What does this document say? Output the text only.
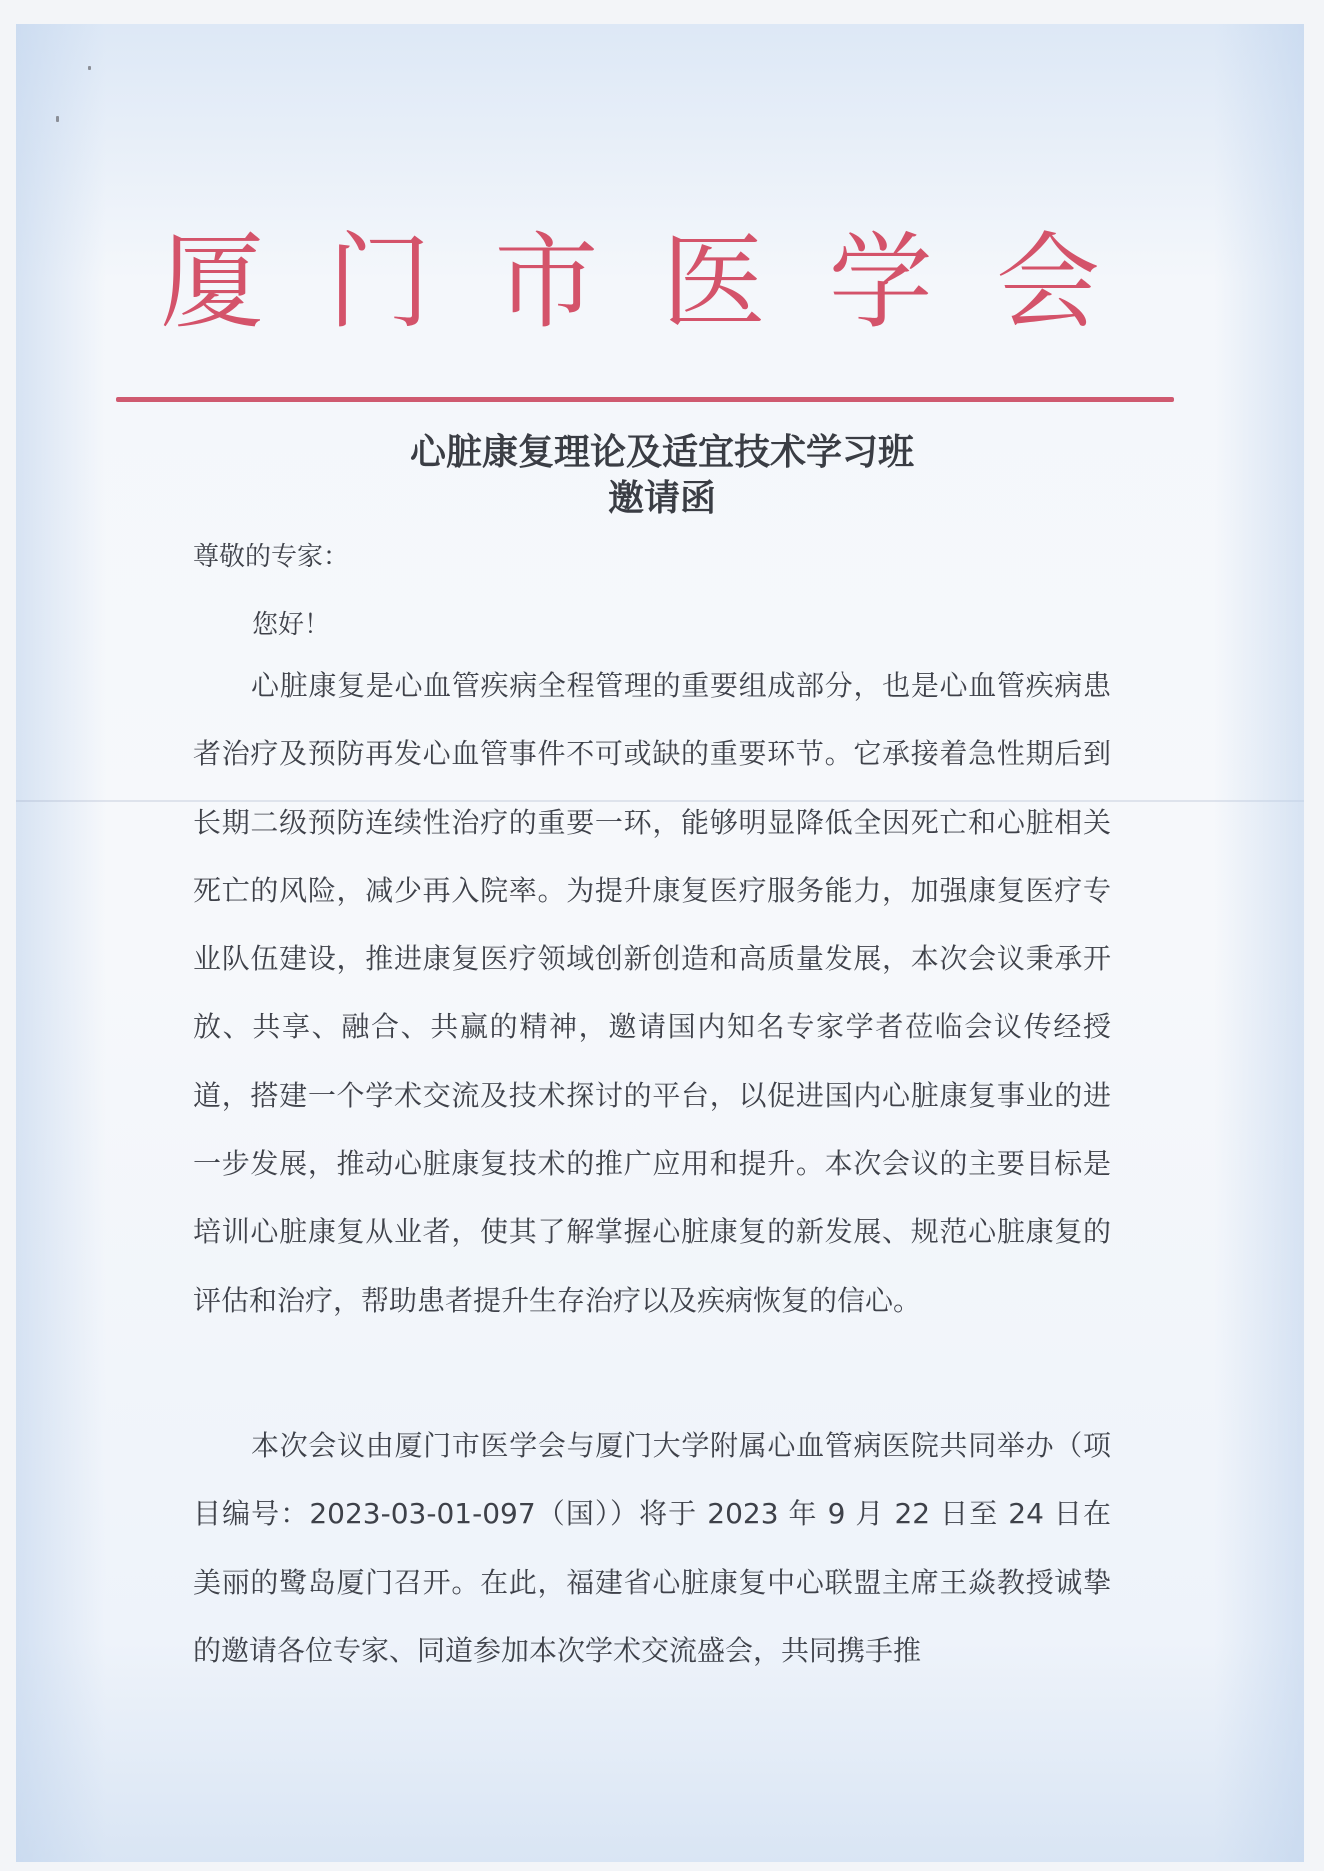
厦 门 市 医 学 会
心脏康复理论及适宜技术学习班
邀请函
尊敬的专家：
您好！

心脏康复是心血管疾病全程管理的重要组成部分，也是心血管疾病患者治疗及预防再发心血管事件不可或缺的重要环节。它承接着急性期后到长期二级预防连续性治疗的重要一环，能够明显降低全因死亡和心脏相关死亡的风险，减少再入院率。为提升康复医疗服务能力，加强康复医疗专业队伍建设，推进康复医疗领域创新创造和高质量发展，本次会议秉承开放、共享、融合、共赢的精神，邀请国内知名专家学者莅临会议传经授道，搭建一个学术交流及技术探讨的平台，以促进国内心脏康复事业的进一步发展，推动心脏康复技术的推广应用和提升。本次会议的主要目标是培训心脏康复从业者，使其了解掌握心脏康复的新发展、规范心脏康复的评估和治疗，帮助患者提升生存治疗以及疾病恢复的信心。

本次会议由厦门市医学会与厦门大学附属心血管病医院共同举办（项目编号：2023-03-01-097（国））将于 2023 年 9 月 22 日至 24 日在美丽的鹭岛厦门召开。在此，福建省心脏康复中心联盟主席王焱教授诚挚的邀请各位专家、同道参加本次学术交流盛会，共同携手推
